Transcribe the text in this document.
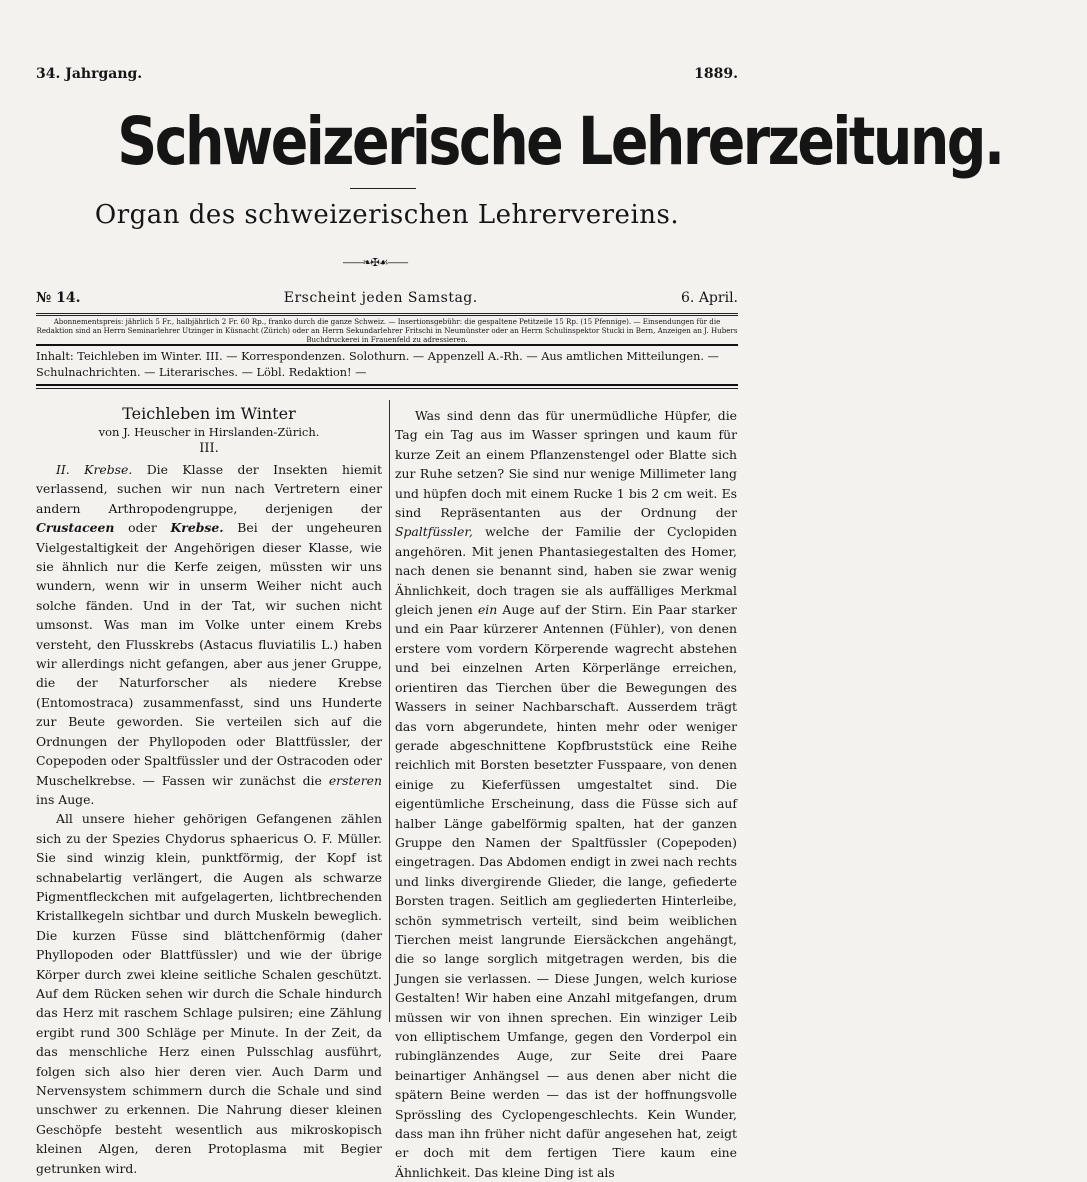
34. Jahrgang.	1889.
Schweizerische Lehrerzeitung.
Organ des schweizerischen Lehrervereins.
——❧✠☙——
№ 14.	Erscheint jeden Samstag.	6. April.
Abonnementspreis: jährlich 5 Fr., halbjährlich 2 Fr. 60 Rp., franko durch die ganze Schweiz. — Insertionsgebühr: die gespaltene Petitzeile 15 Rp. (15 Pfennige). — Einsendungen für die Redaktion sind an Herrn Seminarlehrer Utzinger in Küsnacht (Zürich) oder an Herrn Sekundarlehrer Fritschi in Neumünster oder an Herrn Schulinspektor Stucki in Bern, Anzeigen an J. Hubers Buchdruckerei in Frauenfeld zu adressieren.
Inhalt: Teichleben im Winter. III. — Korrespondenzen. Solothurn. — Appenzell A.-Rh. — Aus amtlichen Mitteilungen. — Schulnachrichten. — Literarisches. — Löbl. Redaktion! —
Teichleben im Winter
von J. Heuscher in Hirslanden-Zürich.
III.

II. Krebse. Die Klasse der Insekten hiemit verlassend, suchen wir nun nach Vertretern einer andern Arthropodengruppe, derjenigen der Crustaceen oder Krebse. Bei der ungeheuren Vielgestaltigkeit der Angehörigen dieser Klasse, wie sie ähnlich nur die Kerfe zeigen, müssten wir uns wundern, wenn wir in unserm Weiher nicht auch solche fänden. Und in der Tat, wir suchen nicht umsonst. Was man im Volke unter einem Krebs versteht, den Flusskrebs (Astacus fluviatilis L.) haben wir allerdings nicht gefangen, aber aus jener Gruppe, die der Naturforscher als niedere Krebse (Entomostraca) zusammenfasst, sind uns Hunderte zur Beute geworden. Sie verteilen sich auf die Ordnungen der Phyllopoden oder Blattfüssler, der Copepoden oder Spaltfüssler und der Ostracoden oder Muschelkrebse. — Fassen wir zunächst die ersteren ins Auge.

All unsere hieher gehörigen Gefangenen zählen sich zu der Spezies Chydorus sphaericus O. F. Müller. Sie sind winzig klein, punktförmig, der Kopf ist schnabelartig verlängert, die Augen als schwarze Pigmentfleckchen mit aufgelagerten, lichtbrechenden Kristallkegeln sichtbar und durch Muskeln beweglich. Die kurzen Füsse sind blättchenförmig (daher Phyllopoden oder Blattfüssler) und wie der übrige Körper durch zwei kleine seitliche Schalen geschützt. Auf dem Rücken sehen wir durch die Schale hindurch das Herz mit raschem Schlage pulsiren; eine Zählung ergibt rund 300 Schläge per Minute. In der Zeit, da das menschliche Herz einen Pulsschlag ausführt, folgen sich also hier deren vier. Auch Darm und Nervensystem schimmern durch die Schale und sind unschwer zu erkennen. Die Nahrung dieser kleinen Geschöpfe besteht wesentlich aus mikroskopisch kleinen Algen, deren Protoplasma mit Begier getrunken wird.

Was sind denn das für unermüdliche Hüpfer, die Tag ein Tag aus im Wasser springen und kaum für kurze Zeit an einem Pflanzenstengel oder Blatte sich zur Ruhe setzen? Sie sind nur wenige Millimeter lang und hüpfen doch mit einem Rucke 1 bis 2 cm weit. Es sind Repräsentanten aus der Ordnung der Spaltfüssler, welche der Familie der Cyclopiden angehören. Mit jenen Phantasiegestalten des Homer, nach denen sie benannt sind, haben sie zwar wenig Ähnlichkeit, doch tragen sie als auffälliges Merkmal gleich jenen ein Auge auf der Stirn. Ein Paar starker und ein Paar kürzerer Antennen (Fühler), von denen erstere vom vordern Körperende wagrecht abstehen und bei einzelnen Arten Körperlänge erreichen, orientiren das Tierchen über die Bewegungen des Wassers in seiner Nachbarschaft. Ausserdem trägt das vorn abgerundete, hinten mehr oder weniger gerade abgeschnittene Kopfbruststück eine Reihe reichlich mit Borsten besetzter Fusspaare, von denen einige zu Kieferfüssen umgestaltet sind. Die eigentümliche Erscheinung, dass die Füsse sich auf halber Länge gabelförmig spalten, hat der ganzen Gruppe den Namen der Spaltfüssler (Copepoden) eingetragen. Das Abdomen endigt in zwei nach rechts und links divergirende Glieder, die lange, gefiederte Borsten tragen. Seitlich am gegliederten Hinterleibe, schön symmetrisch verteilt, sind beim weiblichen Tierchen meist langrunde Eiersäckchen angehängt, die so lange sorglich mitgetragen werden, bis die Jungen sie verlassen. — Diese Jungen, welch kuriose Gestalten! Wir haben eine Anzahl mitgefangen, drum müssen wir von ihnen sprechen. Ein winziger Leib von elliptischem Umfange, gegen den Vorderpol ein rubinglänzendes Auge, zur Seite drei Paare beinartiger Anhängsel — aus denen aber nicht die spätern Beine werden — das ist der hoffnungsvolle Sprössling des Cyclopengeschlechts. Kein Wunder, dass man ihn früher nicht dafür angesehen hat, zeigt er doch mit dem fertigen Tiere kaum eine Ähnlichkeit. Das kleine Ding ist als
